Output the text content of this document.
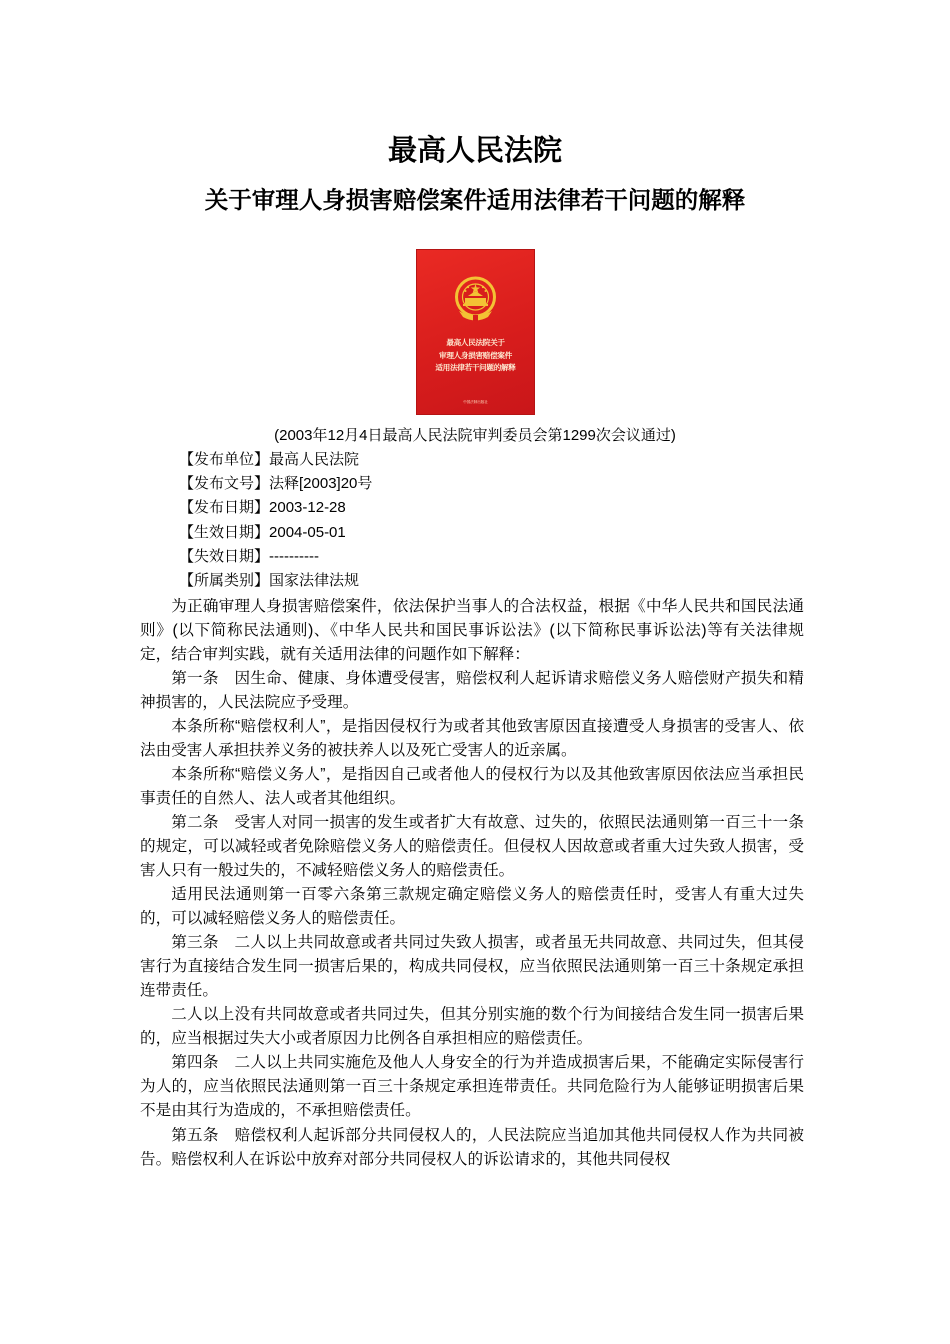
最高人民法院
关于审理人身损害赔偿案件适用法律若干问题的解释
最高人民法院关于
审理人身损害赔偿案件
适用法律若干问题的解释
中国法制出版社
(2003年12月4日最高人民法院审判委员会第1299次会议通过)
【发布单位】最高人民法院
【发布文号】法释[2003]20号
【发布日期】2003-12-28
【生效日期】2004-05-01
【失效日期】----------
【所属类别】国家法律法规

为正确审理人身损害赔偿案件，依法保护当事人的合法权益，根据《中华人民共和国民法通则》(以下简称民法通则)、《中华人民共和国民事诉讼法》(以下简称民事诉讼法)等有关法律规定，结合审判实践，就有关适用法律的问题作如下解释：

第一条 因生命、健康、身体遭受侵害，赔偿权利人起诉请求赔偿义务人赔偿财产损失和精神损害的，人民法院应予受理。

本条所称“赔偿权利人”，是指因侵权行为或者其他致害原因直接遭受人身损害的受害人、依法由受害人承担扶养义务的被扶养人以及死亡受害人的近亲属。

本条所称“赔偿义务人”，是指因自己或者他人的侵权行为以及其他致害原因依法应当承担民事责任的自然人、法人或者其他组织。

第二条 受害人对同一损害的发生或者扩大有故意、过失的，依照民法通则第一百三十一条的规定，可以减轻或者免除赔偿义务人的赔偿责任。但侵权人因故意或者重大过失致人损害，受害人只有一般过失的，不减轻赔偿义务人的赔偿责任。

适用民法通则第一百零六条第三款规定确定赔偿义务人的赔偿责任时，受害人有重大过失的，可以减轻赔偿义务人的赔偿责任。

第三条 二人以上共同故意或者共同过失致人损害，或者虽无共同故意、共同过失，但其侵害行为直接结合发生同一损害后果的，构成共同侵权，应当依照民法通则第一百三十条规定承担连带责任。

二人以上没有共同故意或者共同过失，但其分别实施的数个行为间接结合发生同一损害后果的，应当根据过失大小或者原因力比例各自承担相应的赔偿责任。

第四条 二人以上共同实施危及他人人身安全的行为并造成损害后果，不能确定实际侵害行为人的，应当依照民法通则第一百三十条规定承担连带责任。共同危险行为人能够证明损害后果不是由其行为造成的，不承担赔偿责任。

第五条 赔偿权利人起诉部分共同侵权人的，人民法院应当追加其他共同侵权人作为共同被告。赔偿权利人在诉讼中放弃对部分共同侵权人的诉讼请求的，其他共同侵权
